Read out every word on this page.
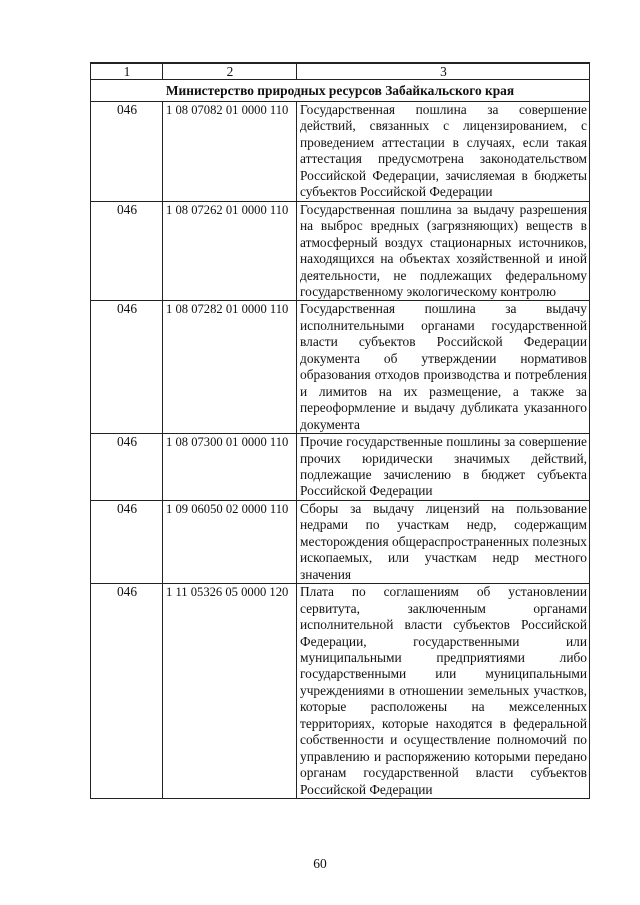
1	2	3
Министерство природных ресурсов Забайкальского края		
046	1 08 07082 01 0000 110	Государственная пошлина за совершение действий, связанных с лицензированием, с проведением аттестации в случаях, если такая аттестация предусмотрена законодательством Российской Федерации, зачисляемая в бюджеты субъектов Российской Федерации
046	1 08 07262 01 0000 110	Государственная пошлина за выдачу разрешения на выброс вредных (загрязняющих) веществ в атмосферный воздух стационарных источников, находящихся на объектах хозяйственной и иной деятельности, не подлежащих федеральному государственному экологическому контролю
046	1 08 07282 01 0000 110	Государственная пошлина за выдачу исполнительными органами государственной власти субъектов Российской Федерации документа об утверждении нормативов образования отходов производства и потребления и лимитов на их размещение, а также за переоформление и выдачу дубликата указанного документа
046	1 08 07300 01 0000 110	Прочие государственные пошлины за совершение прочих юридически значимых действий, подлежащие зачислению в бюджет субъекта Российской Федерации
046	1 09 06050 02 0000 110	Сборы за выдачу лицензий на пользование недрами по участкам недр, содержащим месторождения общераспространенных полезных ископаемых, или участкам недр местного значения
046	1 11 05326 05 0000 120	Плата по соглашениям об установлении сервитута, заключенным органами исполнительной власти субъектов Российской Федерации, государственными или муниципальными предприятиями либо государственными или муниципальными учреждениями в отношении земельных участков, которые расположены на межселенных территориях, которые находятся в федеральной собственности и осуществление полномочий по управлению и распоряжению которыми передано органам государственной власти субъектов Российской Федерации
60
